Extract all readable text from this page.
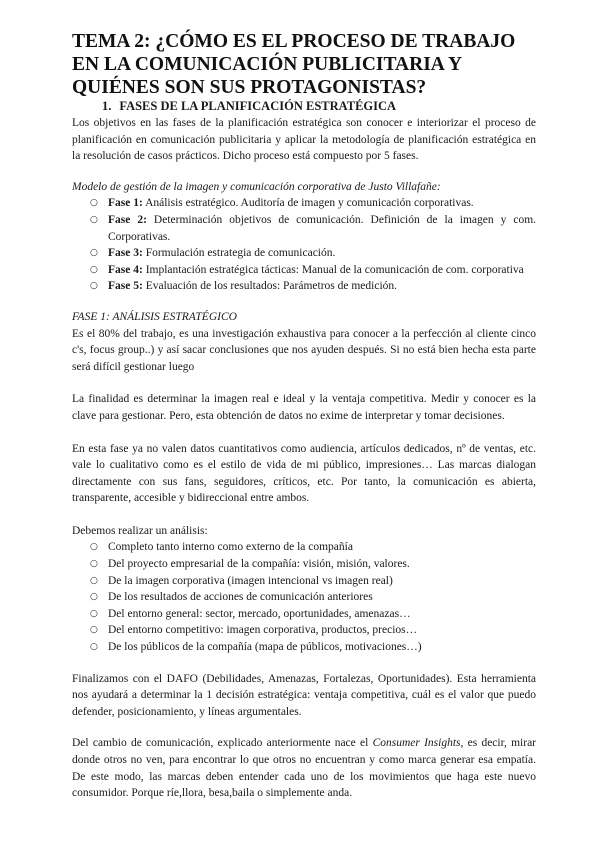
TEMA 2: ¿CÓMO ES EL PROCESO DE TRABAJO EN LA COMUNICACIÓN PUBLICITARIA Y QUIÉNES SON SUS PROTAGONISTAS?
1. FASES DE LA PLANIFICACIÓN ESTRATÉGICA

Los objetivos en las fases de la planificación estratégica son conocer e interiorizar el proceso de planificación en comunicación publicitaria y aplicar la metodología de planificación estratégica en la resolución de casos prácticos. Dicho proceso está compuesto por 5 fases.

Modelo de gestión de la imagen y comunicación corporativa de Justo Villafañe:

○ Fase 1: Análisis estratégico. Auditoría de imagen y comunicación corporativas.
○ Fase 2: Determinación objetivos de comunicación. Definición de la imagen y com. Corporativas.
○ Fase 3: Formulación estrategia de comunicación.
○ Fase 4: Implantación estratégica tácticas: Manual de la comunicación de com. corporativa
○ Fase 5: Evaluación de los resultados: Parámetros de medición.

FASE 1: ANÁLISIS ESTRATÉGICO

Es el 80% del trabajo, es una investigación exhaustiva para conocer a la perfección al cliente cinco c's, focus group..) y así sacar conclusiones que nos ayuden después. Si no está bien hecha esta parte será difícil gestionar luego

La finalidad es determinar la imagen real e ideal y la ventaja competitiva. Medir y conocer es la clave para gestionar. Pero, esta obtención de datos no exime de interpretar y tomar decisiones.

En esta fase ya no valen datos cuantitativos como audiencia, artículos dedicados, nº de ventas, etc. vale lo cualitativo como es el estilo de vida de mi público, impresiones… Las marcas dialogan directamente con sus fans, seguidores, críticos, etc. Por tanto, la comunicación es abierta, transparente, accesible y bidireccional entre ambos.

Debemos realizar un análisis:

○ Completo tanto interno como externo de la compañía
○ Del proyecto empresarial de la compañía: visión, misión, valores.
○ De la imagen corporativa (imagen intencional vs imagen real)
○ De los resultados de acciones de comunicación anteriores
○ Del entorno general: sector, mercado, oportunidades, amenazas…
○ Del entorno competitivo: imagen corporativa, productos, precios…
○ De los públicos de la compañía (mapa de públicos, motivaciones…)

Finalizamos con el DAFO (Debilidades, Amenazas, Fortalezas, Oportunidades). Esta herramienta nos ayudará a determinar la 1 decisión estratégica: ventaja competitiva, cuál es el valor que puedo defender, posicionamiento, y líneas argumentales.

Del cambio de comunicación, explicado anteriormente nace el Consumer Insights, es decir, mirar donde otros no ven, para encontrar lo que otros no encuentran y como marca generar esa empatía. De este modo, las marcas deben entender cada uno de los movimientos que haga este nuevo consumidor. Porque ríe,llora, besa,baila o simplemente anda.
